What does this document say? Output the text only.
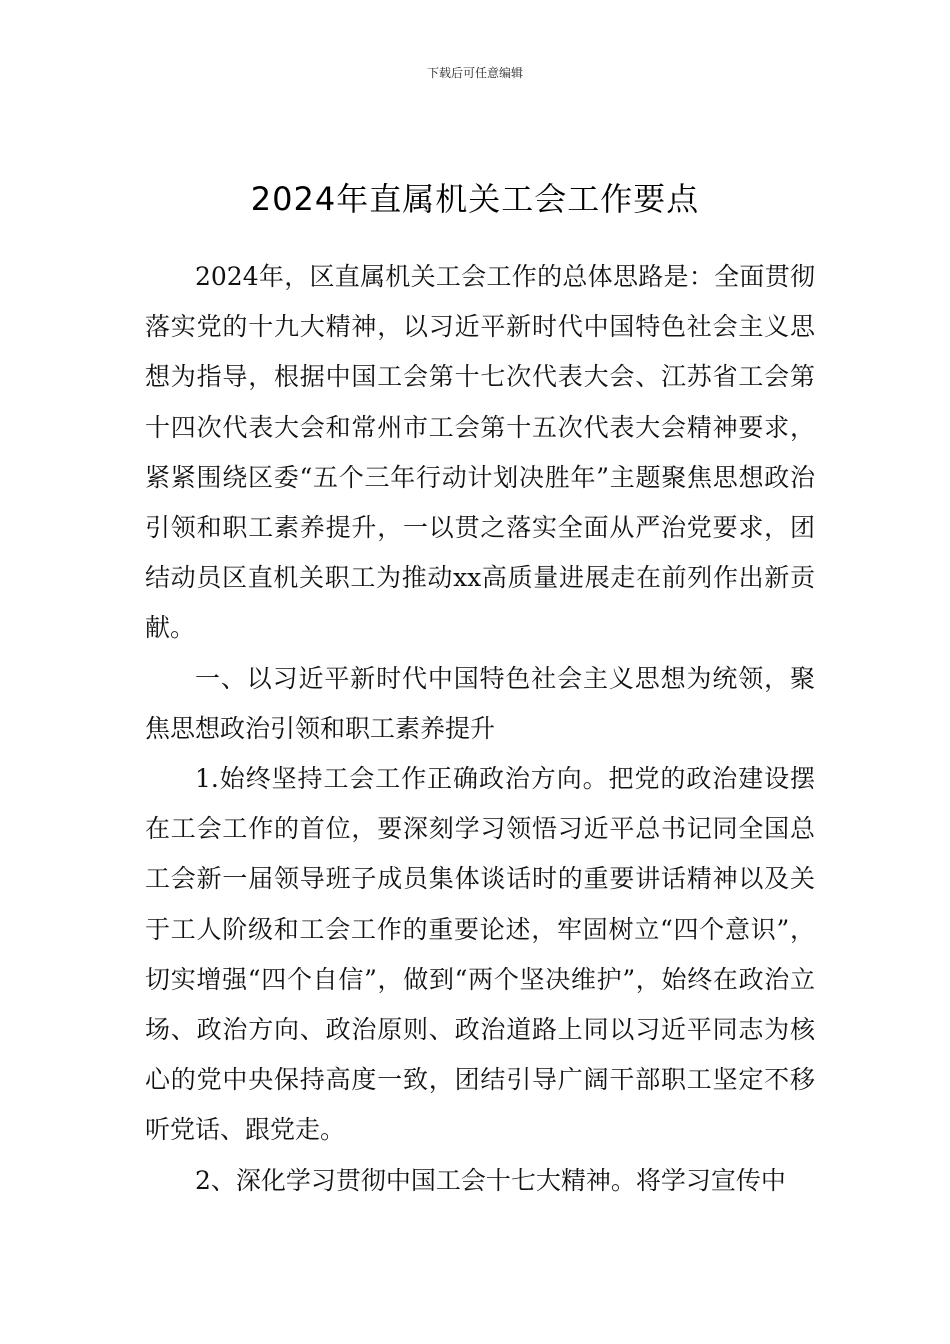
下载后可任意编辑
2024年直属机关工会工作要点

2024年，区直属机关工会工作的总体思路是：全面贯彻落实党的十九大精神，以习近平新时代中国特色社会主义思想为指导，根据中国工会第十七次代表大会、江苏省工会第十四次代表大会和常州市工会第十五次代表大会精神要求，紧紧围绕区委“五个三年行动计划决胜年”主题聚焦思想政治引领和职工素养提升，一以贯之落实全面从严治党要求，团结动员区直机关职工为推动xx高质量进展走在前列作出新贡献。

一、以习近平新时代中国特色社会主义思想为统领，聚焦思想政治引领和职工素养提升

1.始终坚持工会工作正确政治方向。把党的政治建设摆在工会工作的首位，要深刻学习领悟习近平总书记同全国总工会新一届领导班子成员集体谈话时的重要讲话精神以及关于工人阶级和工会工作的重要论述，牢固树立“四个意识”，切实增强“四个自信”，做到“两个坚决维护”，始终在政治立场、政治方向、政治原则、政治道路上同以习近平同志为核心的党中央保持高度一致，团结引导广阔干部职工坚定不移听党话、跟党走。

2、深化学习贯彻中国工会十七大精神。将学习宣传中
